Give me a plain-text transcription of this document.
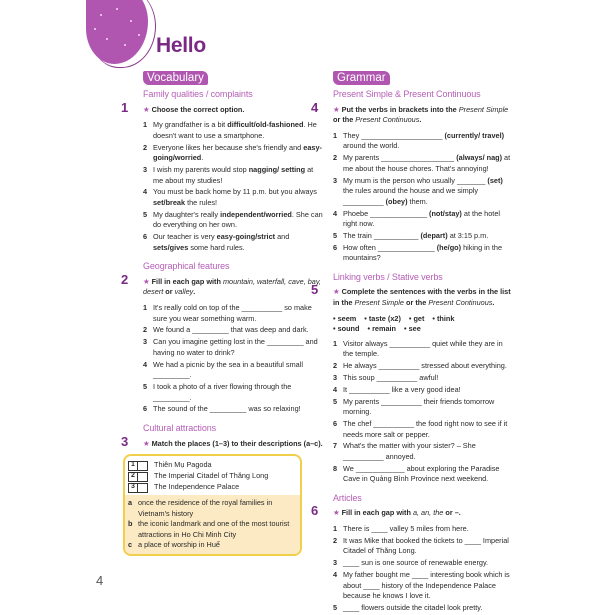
Hello
Vocabulary
Family qualities / complaints
1 ★ Choose the correct option.
1 My grandfather is a bit difficult/old-fashioned. He doesn't want to use a smartphone.
2 Everyone likes her because she's friendly and easy-going/worried.
3 I wish my parents would stop nagging/ setting at me about my studies!
4 You must be back home by 11 p.m. but you always set/break the rules!
5 My daughter's really independent/worried. She can do everything on her own.
6 Our teacher is very easy-going/strict and sets/gives some hard rules.
Geographical features
2 ★ Fill in each gap with mountain, waterfall, cave, bay, desert or valley.
1 It's really cold on top of the __________ so make sure you wear something warm.
2 We found a _________ that was deep and dark.
3 Can you imagine getting lost in the _________ and having no water to drink?
4 We had a picnic by the sea in a beautiful small _________.
5 I took a photo of a river flowing through the _________.
6 The sound of the _________ was so relaxing!
Cultural attractions
3 ★ Match the places (1–3) to their descriptions (a–c).
1	Thiên Mụ Pagoda
2	The Imperial Citadel of Thăng Long
3	The Independence Palace
a once the residence of the royal families in Vietnam's history
b the iconic landmark and one of the most tourist attractions in Ho Chi Minh City
c a place of worship in Huế
Grammar
Present Simple & Present Continuous
4 ★ Put the verbs in brackets into the Present Simple or the Present Continuous.
1 They ____________________ (currently/ travel) around the world.
2 My parents __________________ (always/ nag) at me about the house chores. That's annoying!
3 My mum is the person who usually _______ (set) the rules around the house and we simply __________ (obey) them.
4 Phoebe ______________ (not/stay) at the hotel right now.
5 The train ___________ (depart) at 3:15 p.m.
6 How often ______________ (he/go) hiking in the mountains?
Linking verbs / Stative verbs
5 ★ Complete the sentences with the verbs in the list in the Present Simple or the Present Continuous.
• seem • taste (x2) • get • think
• sound • remain • see
1 Visitor always __________ quiet while they are in the temple.
2 He always __________ stressed about everything.
3 This soup __________ awful!
4 It __________ like a very good idea!
5 My parents __________ their friends tomorrow morning.
6 The chef __________ the food right now to see if it needs more salt or pepper.
7 What's the matter with your sister? – She __________ annoyed.
8 We ____________ about exploring the Paradise Cave in Quảng Bình Province next weekend.
Articles
6 ★ Fill in each gap with a, an, the or –.
1 There is ____ valley 5 miles from here.
2 It was Mike that booked the tickets to ____ Imperial Citadel of Thăng Long.
3 ____ sun is one source of renewable energy.
4 My father bought me ____ interesting book which is about ____ history of the Independence Palace because he knows I love it.
5 ____ flowers outside the citadel look pretty.
4
